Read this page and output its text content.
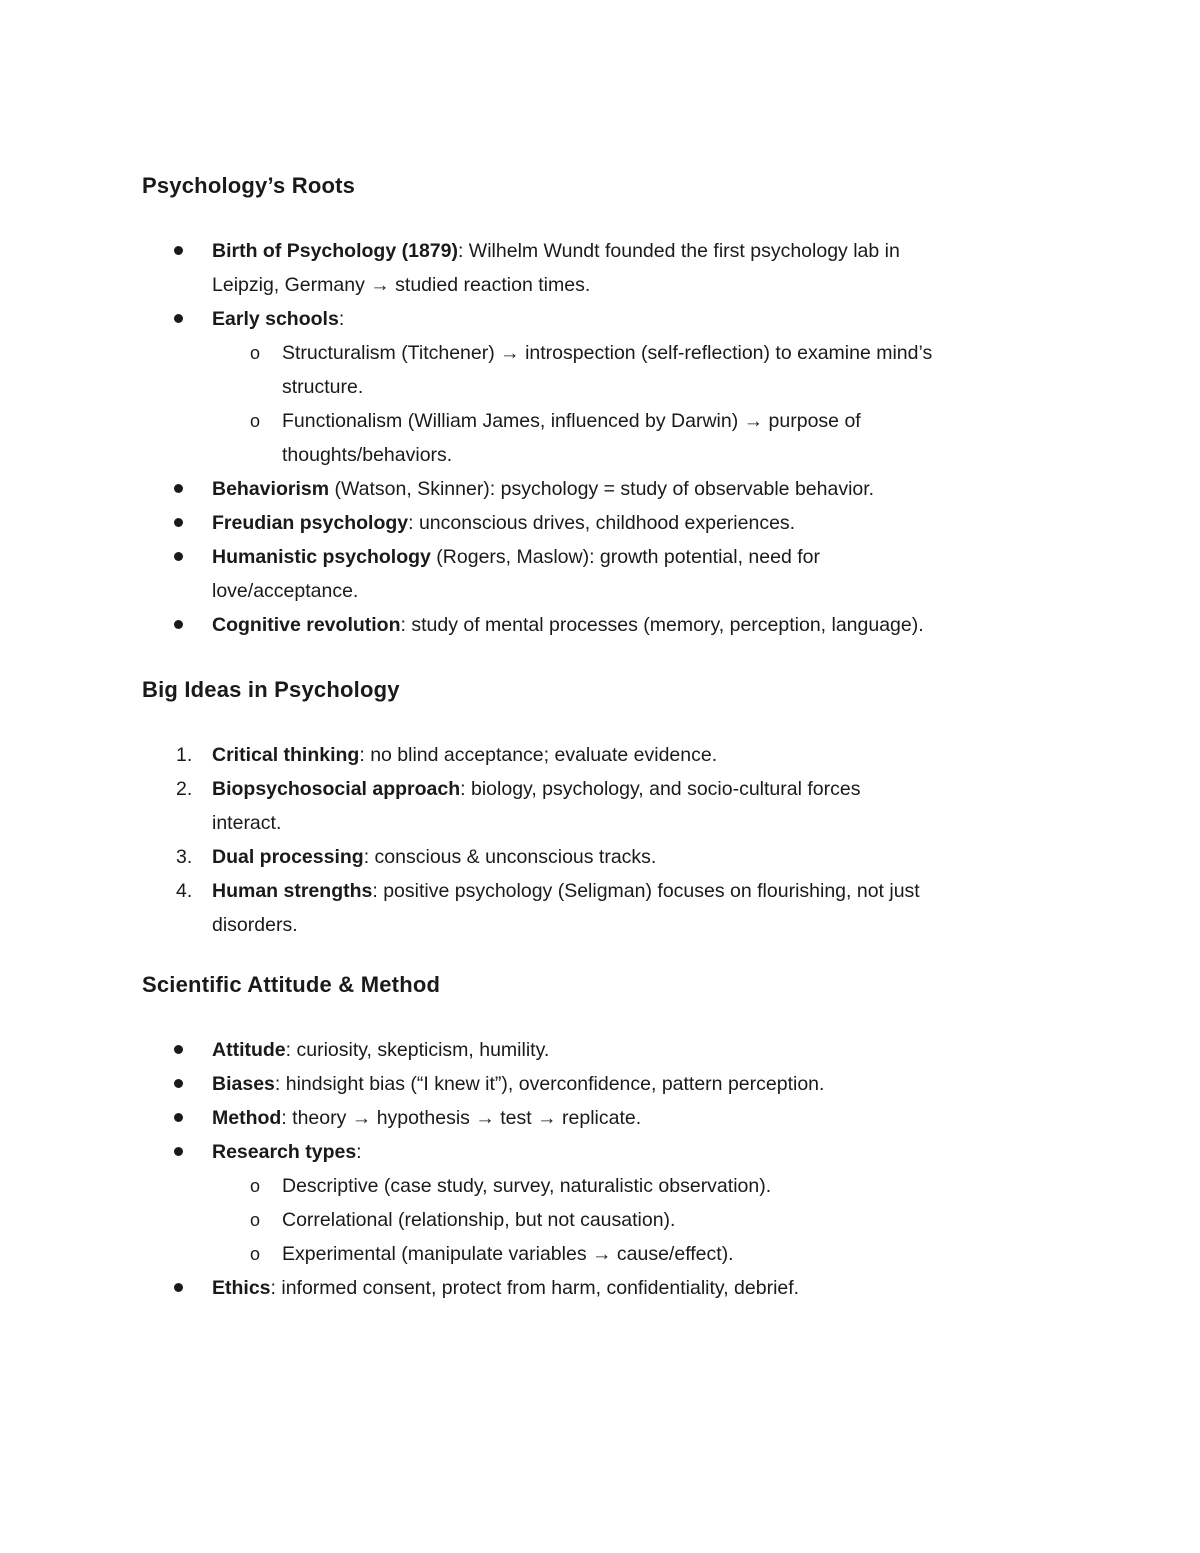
Psychology’s Roots
Birth of Psychology (1879): Wilhelm Wundt founded the first psychology lab in
Leipzig, Germany → studied reaction times.
Early schools:
o Structuralism (Titchener) → introspection (self-reflection) to examine mind’s
structure.
o Functionalism (William James, influenced by Darwin) → purpose of
thoughts/behaviors.
Behaviorism (Watson, Skinner): psychology = study of observable behavior.
Freudian psychology: unconscious drives, childhood experiences.
Humanistic psychology (Rogers, Maslow): growth potential, need for
love/acceptance.
Cognitive revolution: study of mental processes (memory, perception, language).
Big Ideas in Psychology
1.	Critical thinking: no blind acceptance; evaluate evidence.
2.	Biopsychosocial approach: biology, psychology, and socio-cultural forces
interact.
3.	Dual processing: conscious & unconscious tracks.
4.	Human strengths: positive psychology (Seligman) focuses on flourishing, not just
disorders.
Scientific Attitude & Method
Attitude: curiosity, skepticism, humility.
Biases: hindsight bias (“I knew it”), overconfidence, pattern perception.
Method: theory → hypothesis → test → replicate.
Research types:
o Descriptive (case study, survey, naturalistic observation).
o Correlational (relationship, but not causation).
o Experimental (manipulate variables → cause/effect).
Ethics: informed consent, protect from harm, confidentiality, debrief.
